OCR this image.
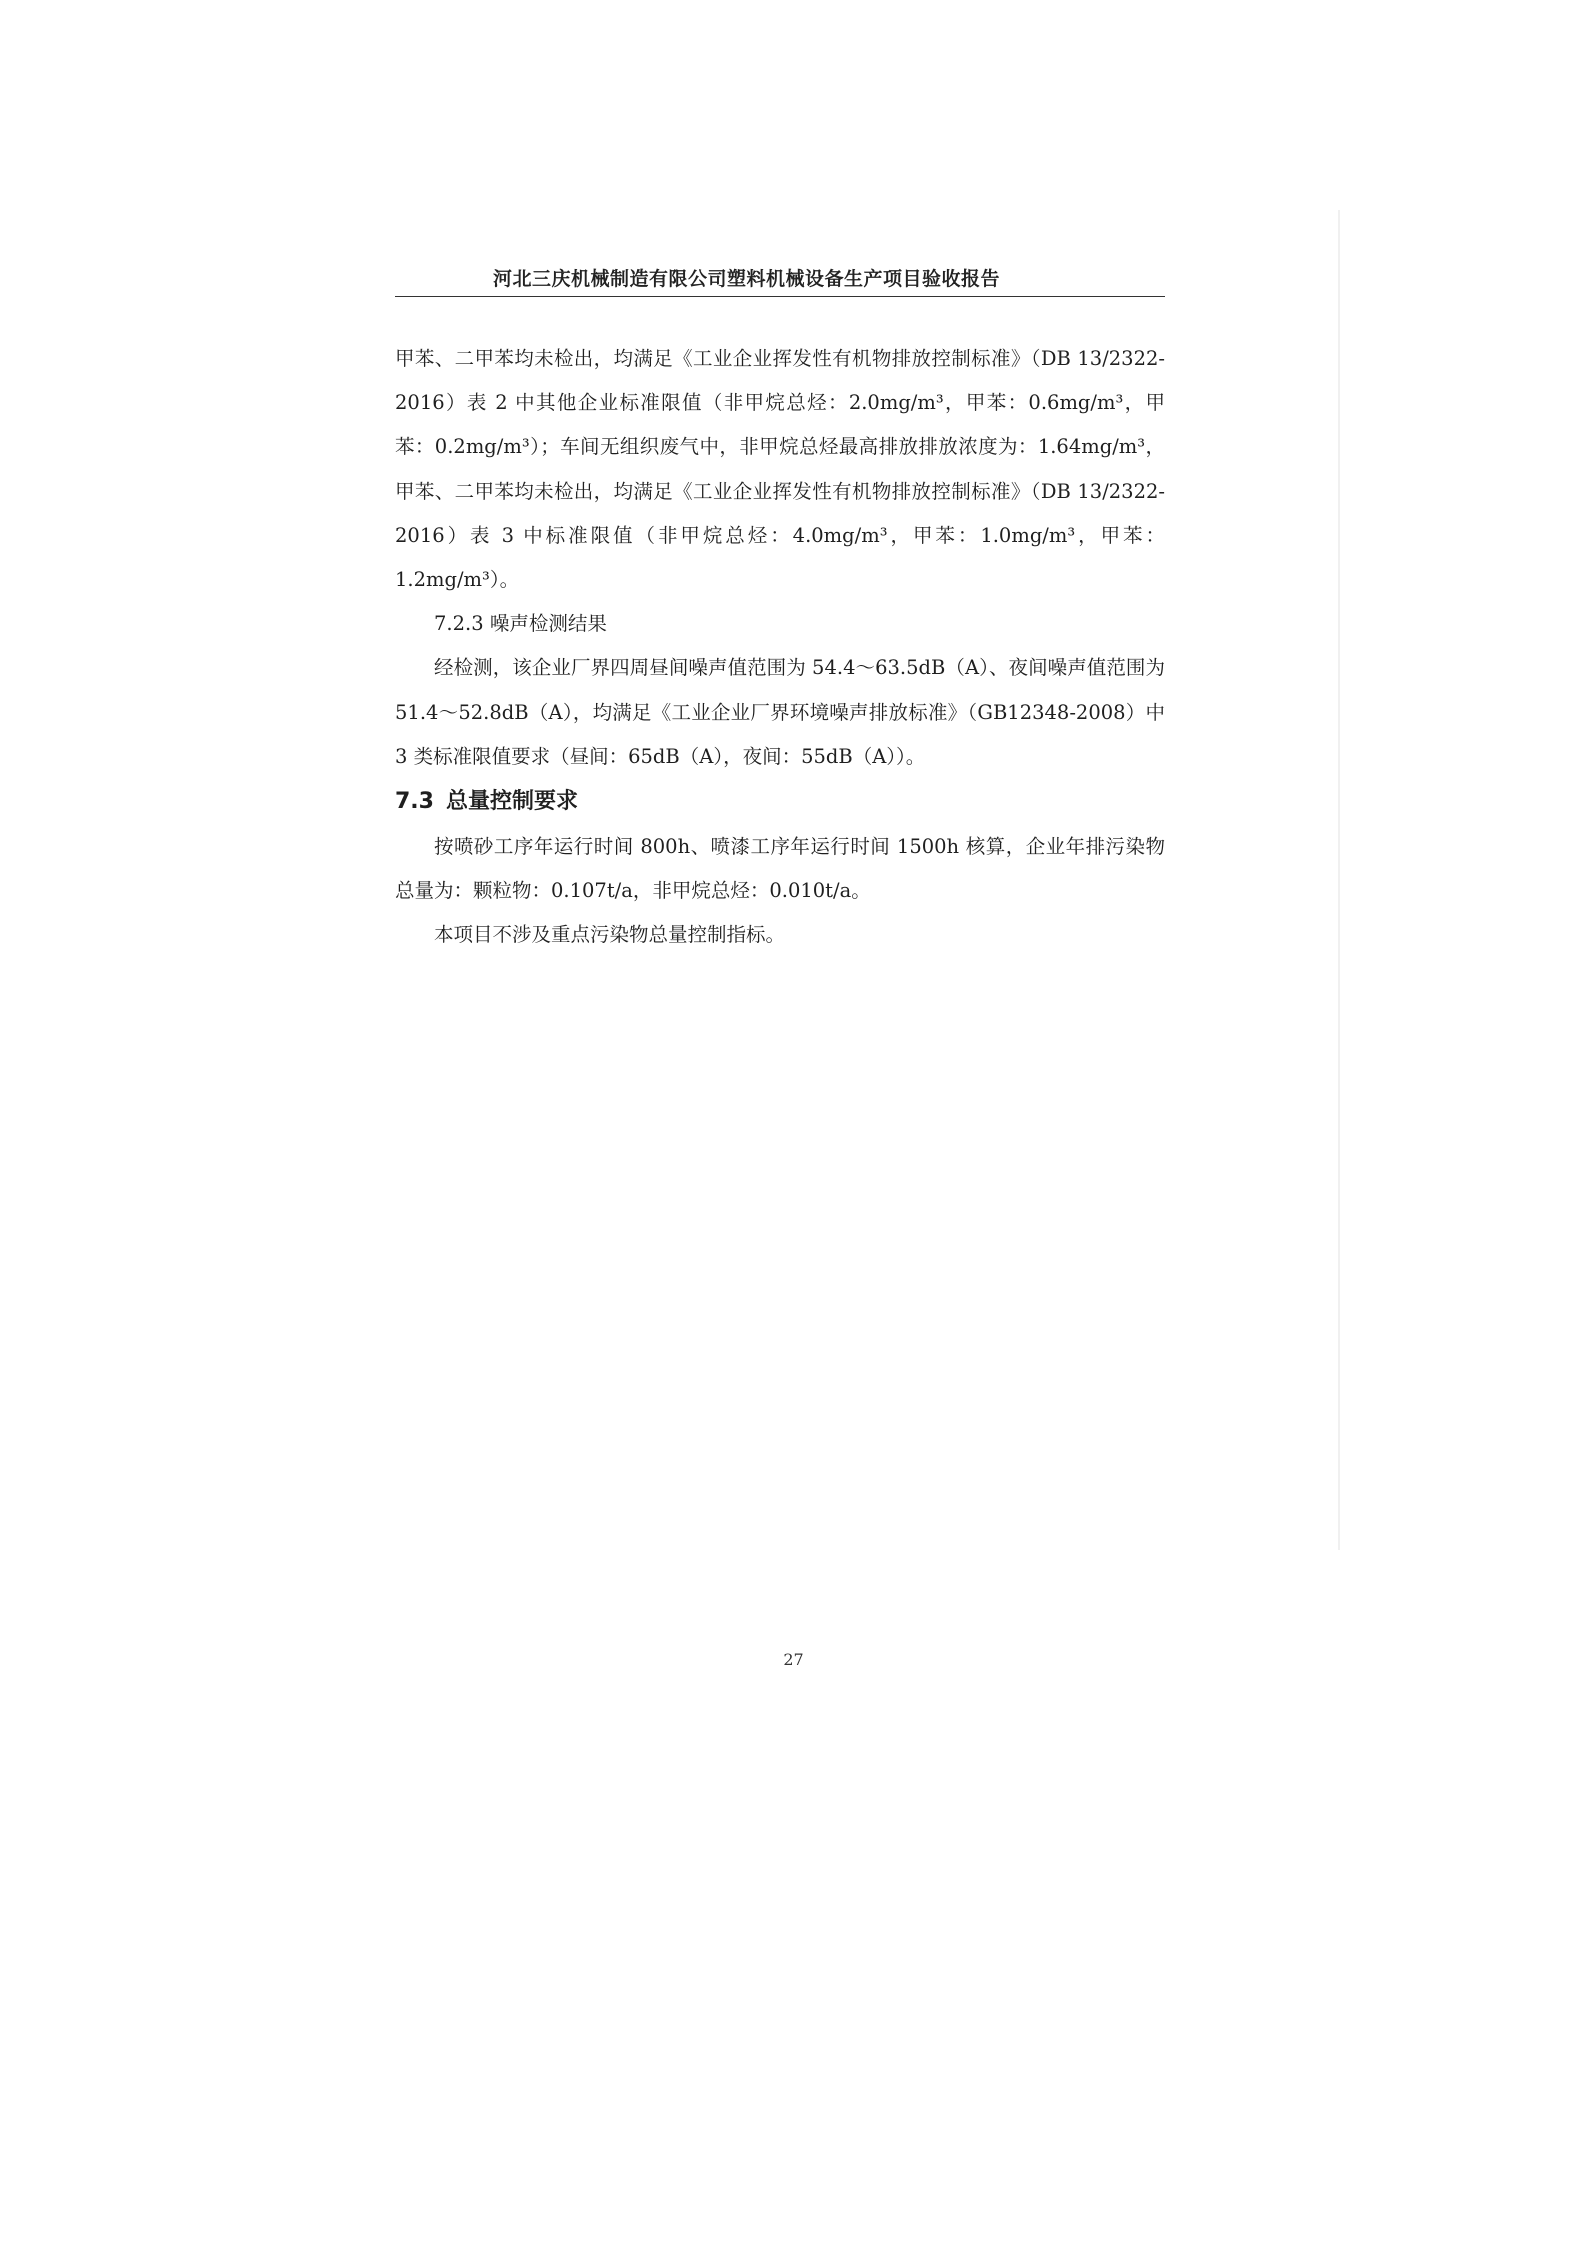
河北三庆机械制造有限公司塑料机械设备生产项目验收报告

甲苯、二甲苯均未检出，均满足《工业企业挥发性有机物排放控制标准》（DB 13/2322-2016）表 2 中其他企业标准限值（非甲烷总烃：2.0mg/m³，甲苯：0.6mg/m³，甲苯：0.2mg/m³）；车间无组织废气中，非甲烷总烃最高排放排放浓度为：1.64mg/m³，甲苯、二甲苯均未检出，均满足《工业企业挥发性有机物排放控制标准》（DB 13/2322-2016）表 3 中标准限值（非甲烷总烃：4.0mg/m³，甲苯：1.0mg/m³，甲苯：1.2mg/m³）。

7.2.3 噪声检测结果

经检测，该企业厂界四周昼间噪声值范围为 54.4～63.5dB（A）、夜间噪声值范围为 51.4～52.8dB（A），均满足《工业企业厂界环境噪声排放标准》（GB12348-2008）中 3 类标准限值要求（昼间：65dB（A），夜间：55dB（A））。

7.3 总量控制要求

按喷砂工序年运行时间 800h、喷漆工序年运行时间 1500h 核算，企业年排污染物总量为：颗粒物：0.107t/a，非甲烷总烃：0.010t/a。

本项目不涉及重点污染物总量控制指标。

27
